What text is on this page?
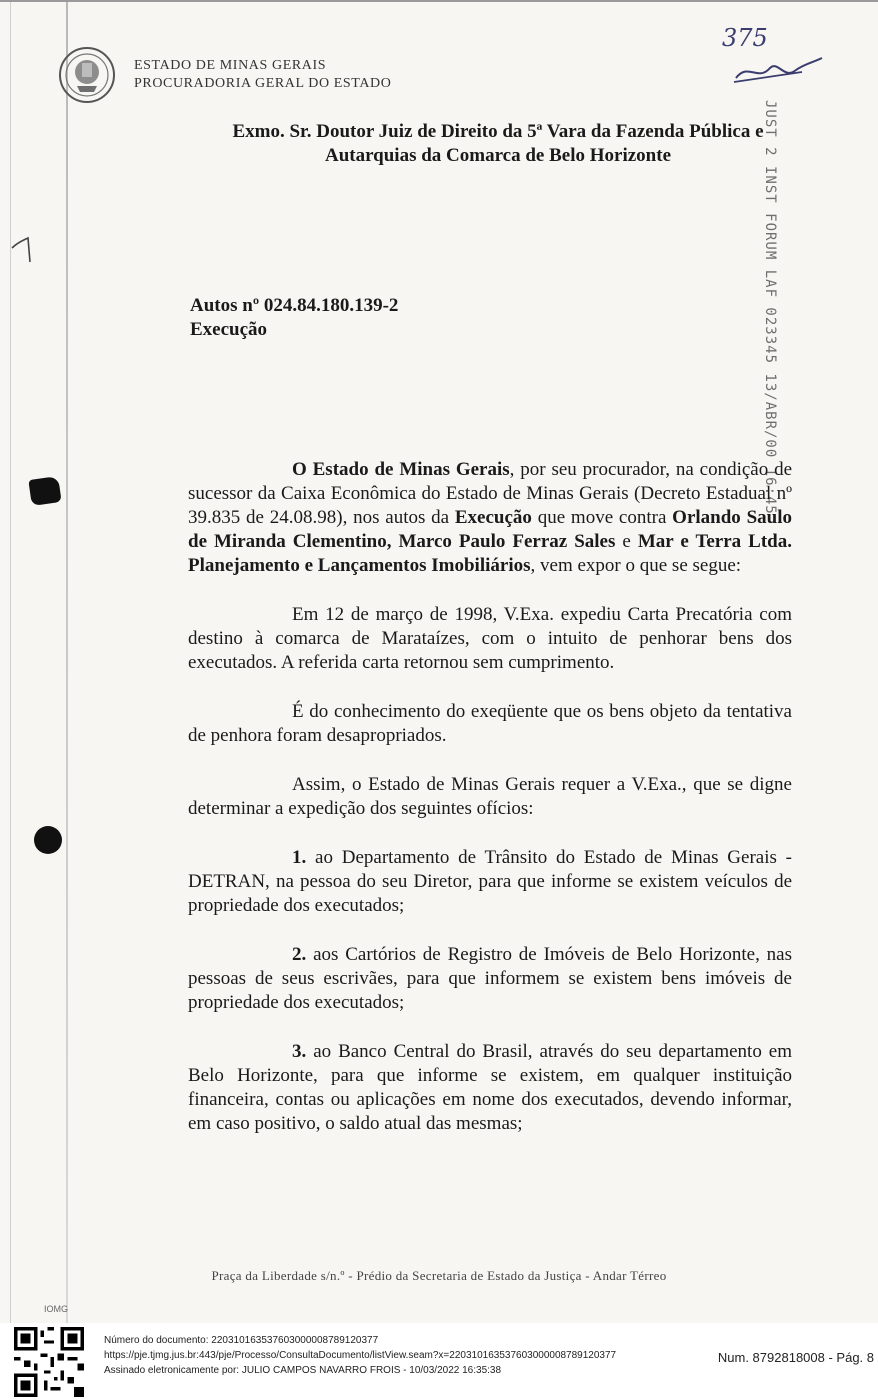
ESTADO DE MINAS GERAIS
PROCURADORIA GERAL DO ESTADO
375
JUST 2 INST FORUM LAF 023345 13/ABR/00 16:45
Exmo. Sr. Doutor Juiz de Direito da 5ª Vara da Fazenda Pública e
Autarquias da Comarca de Belo Horizonte
Autos nº 024.84.180.139-2
Execução

O Estado de Minas Gerais, por seu procurador, na condição de sucessor da Caixa Econômica do Estado de Minas Gerais (Decreto Estadual nº 39.835 de 24.08.98), nos autos da Execução que move contra Orlando Saulo de Miranda Clementino, Marco Paulo Ferraz Sales e Mar e Terra Ltda. Planejamento e Lançamentos Imobiliários, vem expor o que se segue:

Em 12 de março de 1998, V.Exa. expediu Carta Precatória com destino à comarca de Marataízes, com o intuito de penhorar bens dos executados. A referida carta retornou sem cumprimento.

É do conhecimento do exeqüente que os bens objeto da tentativa de penhora foram desapropriados.

Assim, o Estado de Minas Gerais requer a V.Exa., que se digne determinar a expedição dos seguintes ofícios:

1. ao Departamento de Trânsito do Estado de Minas Gerais - DETRAN, na pessoa do seu Diretor, para que informe se existem veículos de propriedade dos executados;

2. aos Cartórios de Registro de Imóveis de Belo Horizonte, nas pessoas de seus escrivães, para que informem se existem bens imóveis de propriedade dos executados;

3. ao Banco Central do Brasil, através do seu departamento em Belo Horizonte, para que informe se existem, em qualquer instituição financeira, contas ou aplicações em nome dos executados, devendo informar, em caso positivo, o saldo atual das mesmas;

Praça da Liberdade s/n.º - Prédio da Secretaria de Estado da Justiça - Andar Térreo
IOMG
Número do documento: 22031016353760300000878912037​7
https://pje.tjmg.jus.br:443/pje/Processo/ConsultaDocumento/listView.seam?x=22031016353760300000878912037​7
Assinado eletronicamente por: JULIO CAMPOS NAVARRO FROIS - 10/03/2022 16:35:38
Num. 8792818008 - Pág. 8
